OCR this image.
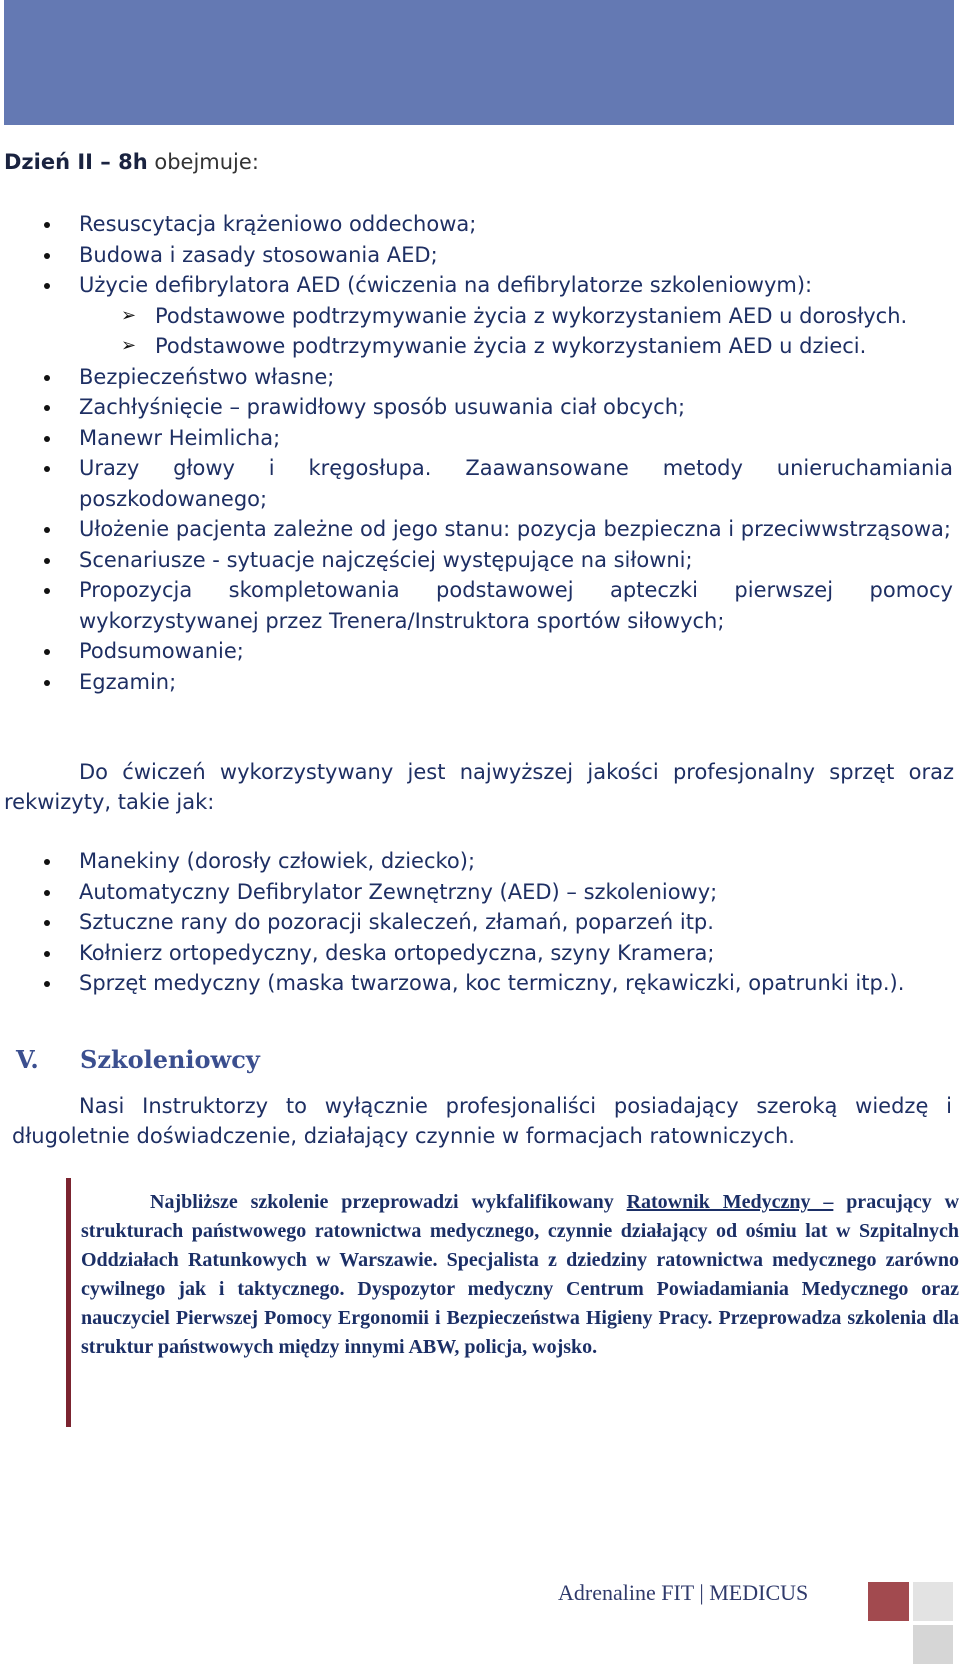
Dzień II – 8h obejmuje:
Resuscytacja krążeniowo oddechowa;
Budowa i zasady stosowania AED;
Użycie defibrylatora AED (ćwiczenia na defibrylatorze szkoleniowym):
➢ Podstawowe podtrzymywanie życia z wykorzystaniem AED u dorosłych.
➢ Podstawowe podtrzymywanie życia z wykorzystaniem AED u dzieci.
Bezpieczeństwo własne;
Zachłyśnięcie – prawidłowy sposób usuwania ciał obcych;
Manewr Heimlicha;
Urazy głowy i kręgosłupa. Zaawansowane metody unieruchamiania poszkodowanego;
Ułożenie pacjenta zależne od jego stanu: pozycja bezpieczna i przeciwwstrząsowa;
Scenariusze - sytuacje najczęściej występujące na siłowni;
Propozycja skompletowania podstawowej apteczki pierwszej pomocy wykorzystywanej przez Trenera/Instruktora sportów siłowych;
Podsumowanie;
Egzamin;
Do ćwiczeń wykorzystywany jest najwyższej jakości profesjonalny sprzęt oraz rekwizyty, takie jak:
Manekiny (dorosły człowiek, dziecko);
Automatyczny Defibrylator Zewnętrzny (AED) – szkoleniowy;
Sztuczne rany do pozoracji skaleczeń, złamań, poparzeń itp.
Kołnierz ortopedyczny, deska ortopedyczna, szyny Kramera;
Sprzęt medyczny (maska twarzowa, koc termiczny, rękawiczki, opatrunki itp.).
V. Szkoleniowcy
Nasi Instruktorzy to wyłącznie profesjonaliści posiadający szeroką wiedzę i długoletnie doświadczenie, działający czynnie w formacjach ratowniczych.

Najbliższe szkolenie przeprowadzi wykfalifikowany Ratownik Medyczny – pracujący w strukturach państwowego ratownictwa medycznego, czynnie działający od ośmiu lat w Szpitalnych Oddziałach Ratunkowych w Warszawie. Specjalista z dziedziny ratownictwa medycznego zarówno cywilnego jak i taktycznego. Dyspozytor medyczny Centrum Powiadamiania Medycznego oraz nauczyciel Pierwszej Pomocy Ergonomii i Bezpieczeństwa Higieny Pracy. Przeprowadza szkolenia dla struktur państwowych między innymi ABW, policja, wojsko.

Adrenaline FIT | MEDICUS
